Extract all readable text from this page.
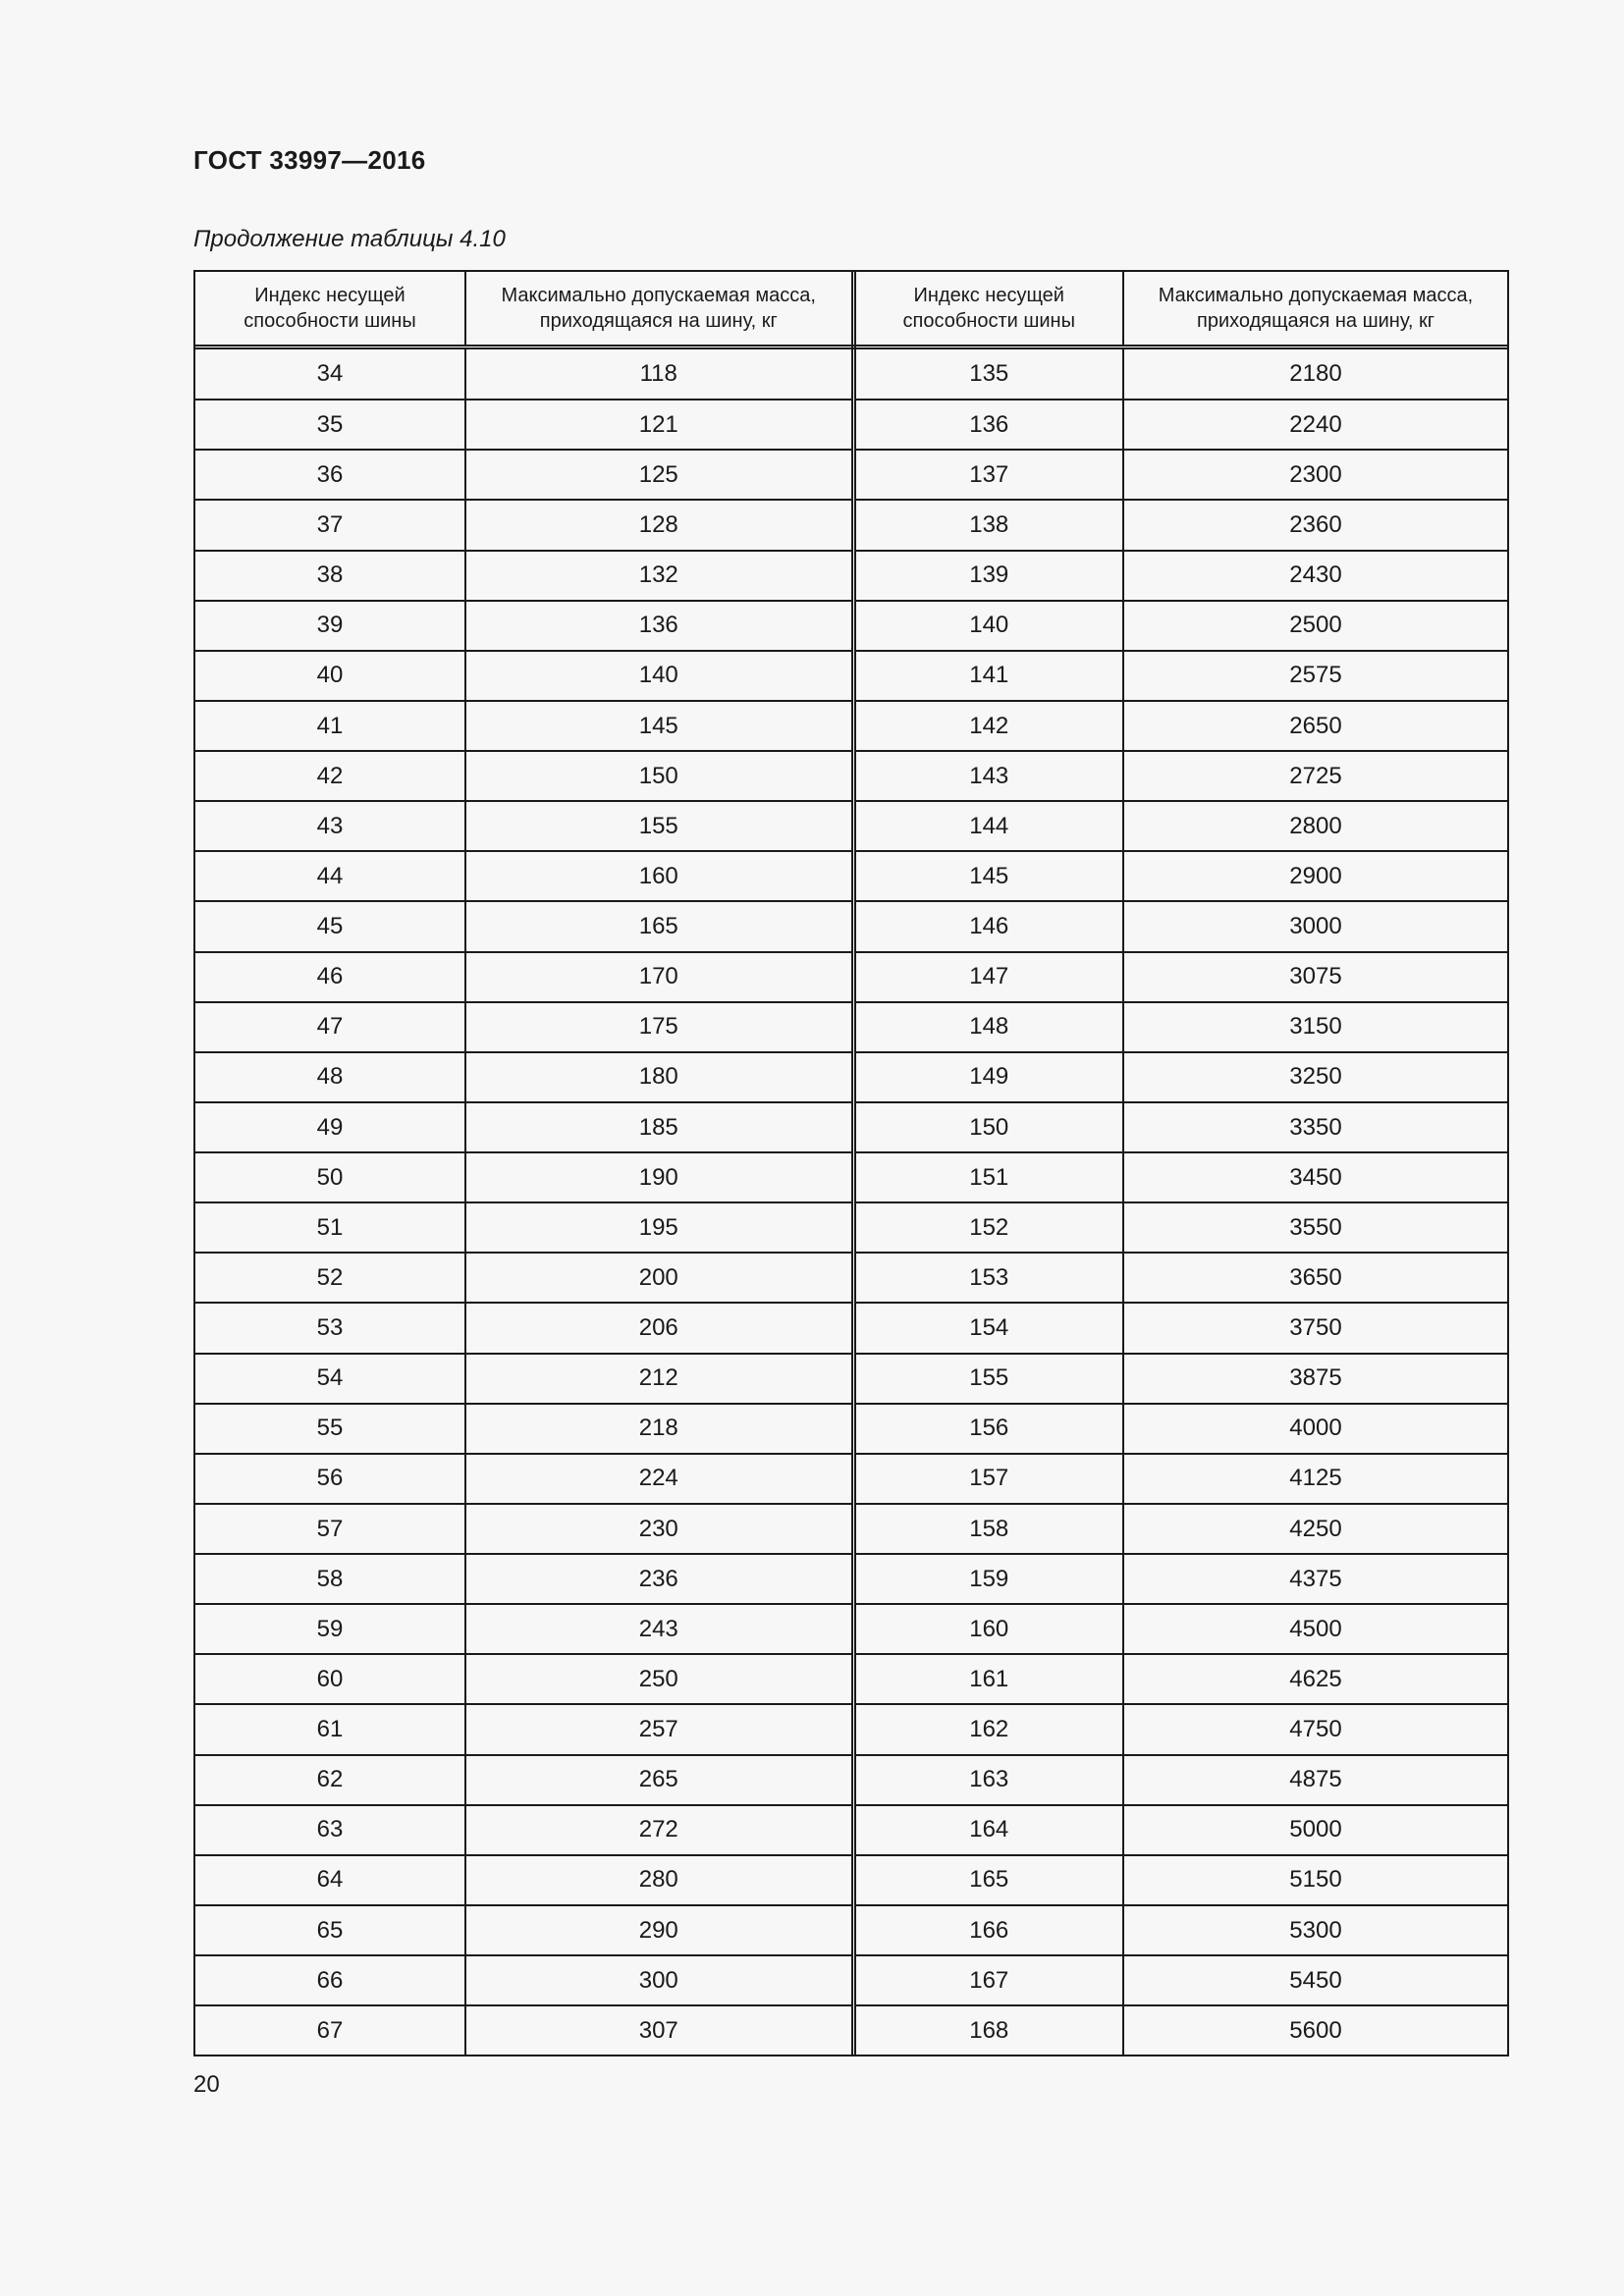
ГОСТ 33997—2016
Продолжение таблицы 4.10
Индекс несущей способности шины	Максимально допускаемая масса, приходящаяся на шину, кг	Индекс несущей способности шины	Максимально допускаемая масса, приходящаяся на шину, кг
34	118	135	2180
35	121	136	2240
36	125	137	2300
37	128	138	2360
38	132	139	2430
39	136	140	2500
40	140	141	2575
41	145	142	2650
42	150	143	2725
43	155	144	2800
44	160	145	2900
45	165	146	3000
46	170	147	3075
47	175	148	3150
48	180	149	3250
49	185	150	3350
50	190	151	3450
51	195	152	3550
52	200	153	3650
53	206	154	3750
54	212	155	3875
55	218	156	4000
56	224	157	4125
57	230	158	4250
58	236	159	4375
59	243	160	4500
60	250	161	4625
61	257	162	4750
62	265	163	4875
63	272	164	5000
64	280	165	5150
65	290	166	5300
66	300	167	5450
67	307	168	5600
20
